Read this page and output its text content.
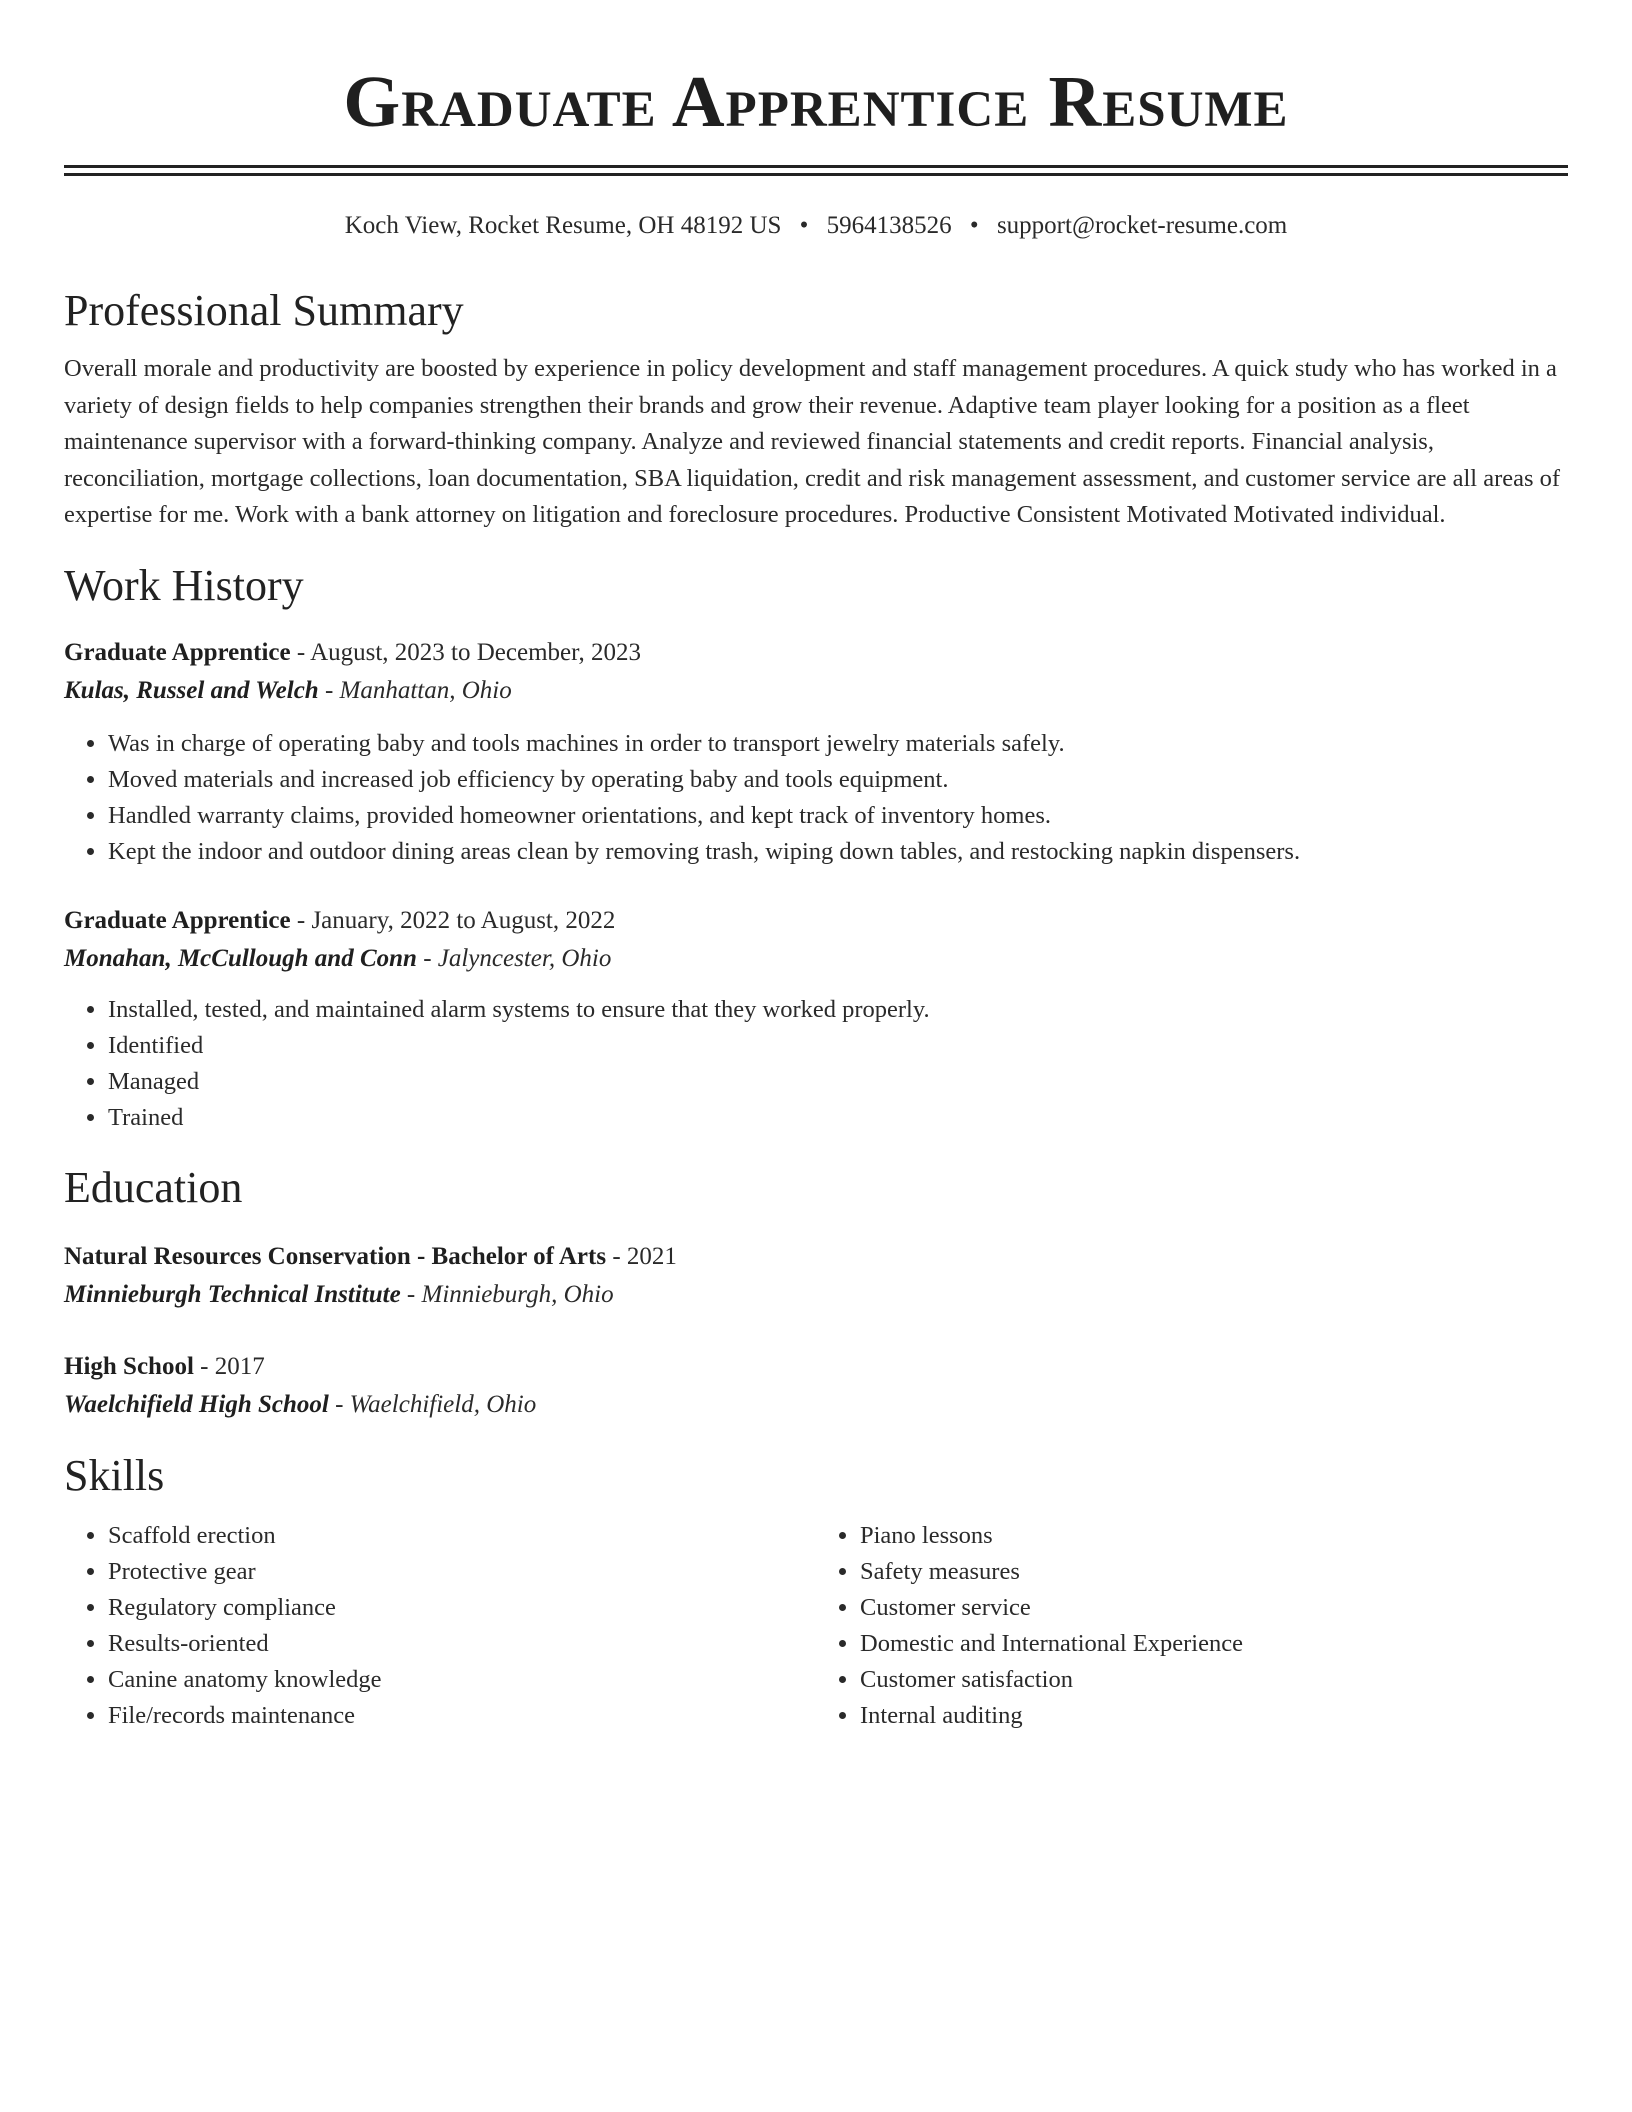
Graduate Apprentice Resume
Koch View, Rocket Resume, OH 48192 US • 5964138526 • support@rocket-resume.com
Professional Summary

Overall morale and productivity are boosted by experience in policy development and staff management procedures. A quick study who has worked in a variety of design fields to help companies strengthen their brands and grow their revenue. Adaptive team player looking for a position as a fleet maintenance supervisor with a forward-thinking company. Analyze and reviewed financial statements and credit reports. Financial analysis, reconciliation, mortgage collections, loan documentation, SBA liquidation, credit and risk management assessment, and customer service are all areas of expertise for me. Work with a bank attorney on litigation and foreclosure procedures. Productive Consistent Motivated Motivated individual.

Work History
Graduate Apprentice - August, 2023 to December, 2023
Kulas, Russel and Welch - Manhattan, Ohio
• Was in charge of operating baby and tools machines in order to transport jewelry materials safely.
• Moved materials and increased job efficiency by operating baby and tools equipment.
• Handled warranty claims, provided homeowner orientations, and kept track of inventory homes.
• Kept the indoor and outdoor dining areas clean by removing trash, wiping down tables, and restocking napkin dispensers.
Graduate Apprentice - January, 2022 to August, 2022
Monahan, McCullough and Conn - Jalyncester, Ohio
• Installed, tested, and maintained alarm systems to ensure that they worked properly.
• Identified
• Managed
• Trained
Education
Natural Resources Conservation - Bachelor of Arts - 2021
Minnieburgh Technical Institute - Minnieburgh, Ohio
High School - 2017
Waelchifield High School - Waelchifield, Ohio
Skills
• Scaffold erection
• Protective gear
• Regulatory compliance
• Results-oriented
• Canine anatomy knowledge
• File/records maintenance
• Piano lessons
• Safety measures
• Customer service
• Domestic and International Experience
• Customer satisfaction
• Internal auditing
